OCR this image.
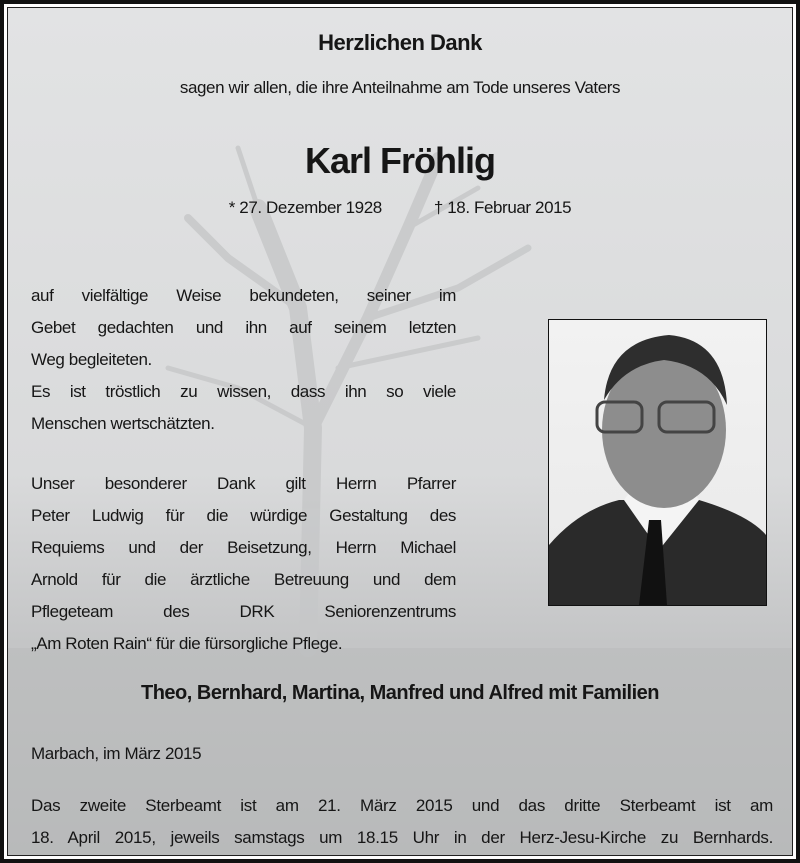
Herzlichen Dank
sagen wir allen, die ihre Anteilnahme am Tode unseres Vaters
Karl Fröhlig
* 27. Dezember 1928	† 18. Februar 2015
auf vielfältige Weise bekundeten, seiner im
Gebet gedachten und ihn auf seinem letzten
Weg begleiteten.
Es ist tröstlich zu wissen, dass ihn so viele
Menschen wertschätzten.
Unser besonderer Dank gilt Herrn Pfarrer
Peter Ludwig für die würdige Gestaltung des
Requiems und der Beisetzung, Herrn Michael
Arnold für die ärztliche Betreuung und dem
Pflegeteam des DRK Seniorenzentrums
„Am Roten Rain“ für die fürsorgliche Pflege.
Theo, Bernhard, Martina, Manfred und Alfred mit Familien
Marbach, im März 2015
Das zweite Sterbeamt ist am 21. März 2015 und das dritte Sterbeamt ist am
18. April 2015, jeweils samstags um 18.15 Uhr in der Herz-Jesu-Kirche zu Bernhards.
